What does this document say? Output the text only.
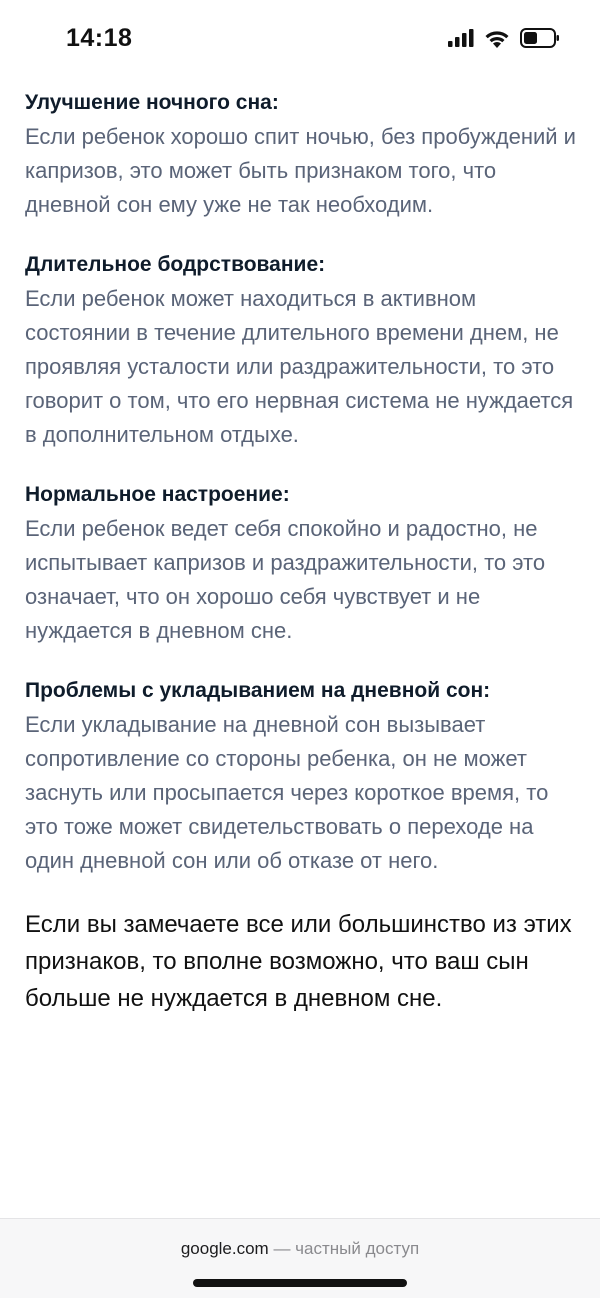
14:18
Улучшение ночного сна:

Если ребенок хорошо спит ночью, без пробуждений и капризов, это может быть признаком того, что дневной сон ему уже не так необходим.

Длительное бодрствование:

Если ребенок может находиться в активном состоянии в течение длительного времени днем, не проявляя усталости или раздражительности, то это говорит о том, что его нервная система не нуждается в дополнительном отдыхе.

Нормальное настроение:

Если ребенок ведет себя спокойно и радостно, не испытывает капризов и раздражительности, то это означает, что он хорошо себя чувствует и не нуждается в дневном сне.

Проблемы с укладыванием на дневной сон:

Если укладывание на дневной сон вызывает сопротивление со стороны ребенка, он не может заснуть или просыпается через короткое время, то это тоже может свидетельствовать о переходе на один дневной сон или об отказе от него.

Если вы замечаете все или большинство из этих признаков, то вполне возможно, что ваш сын больше не нуждается в дневном сне.
google.com — частный доступ
